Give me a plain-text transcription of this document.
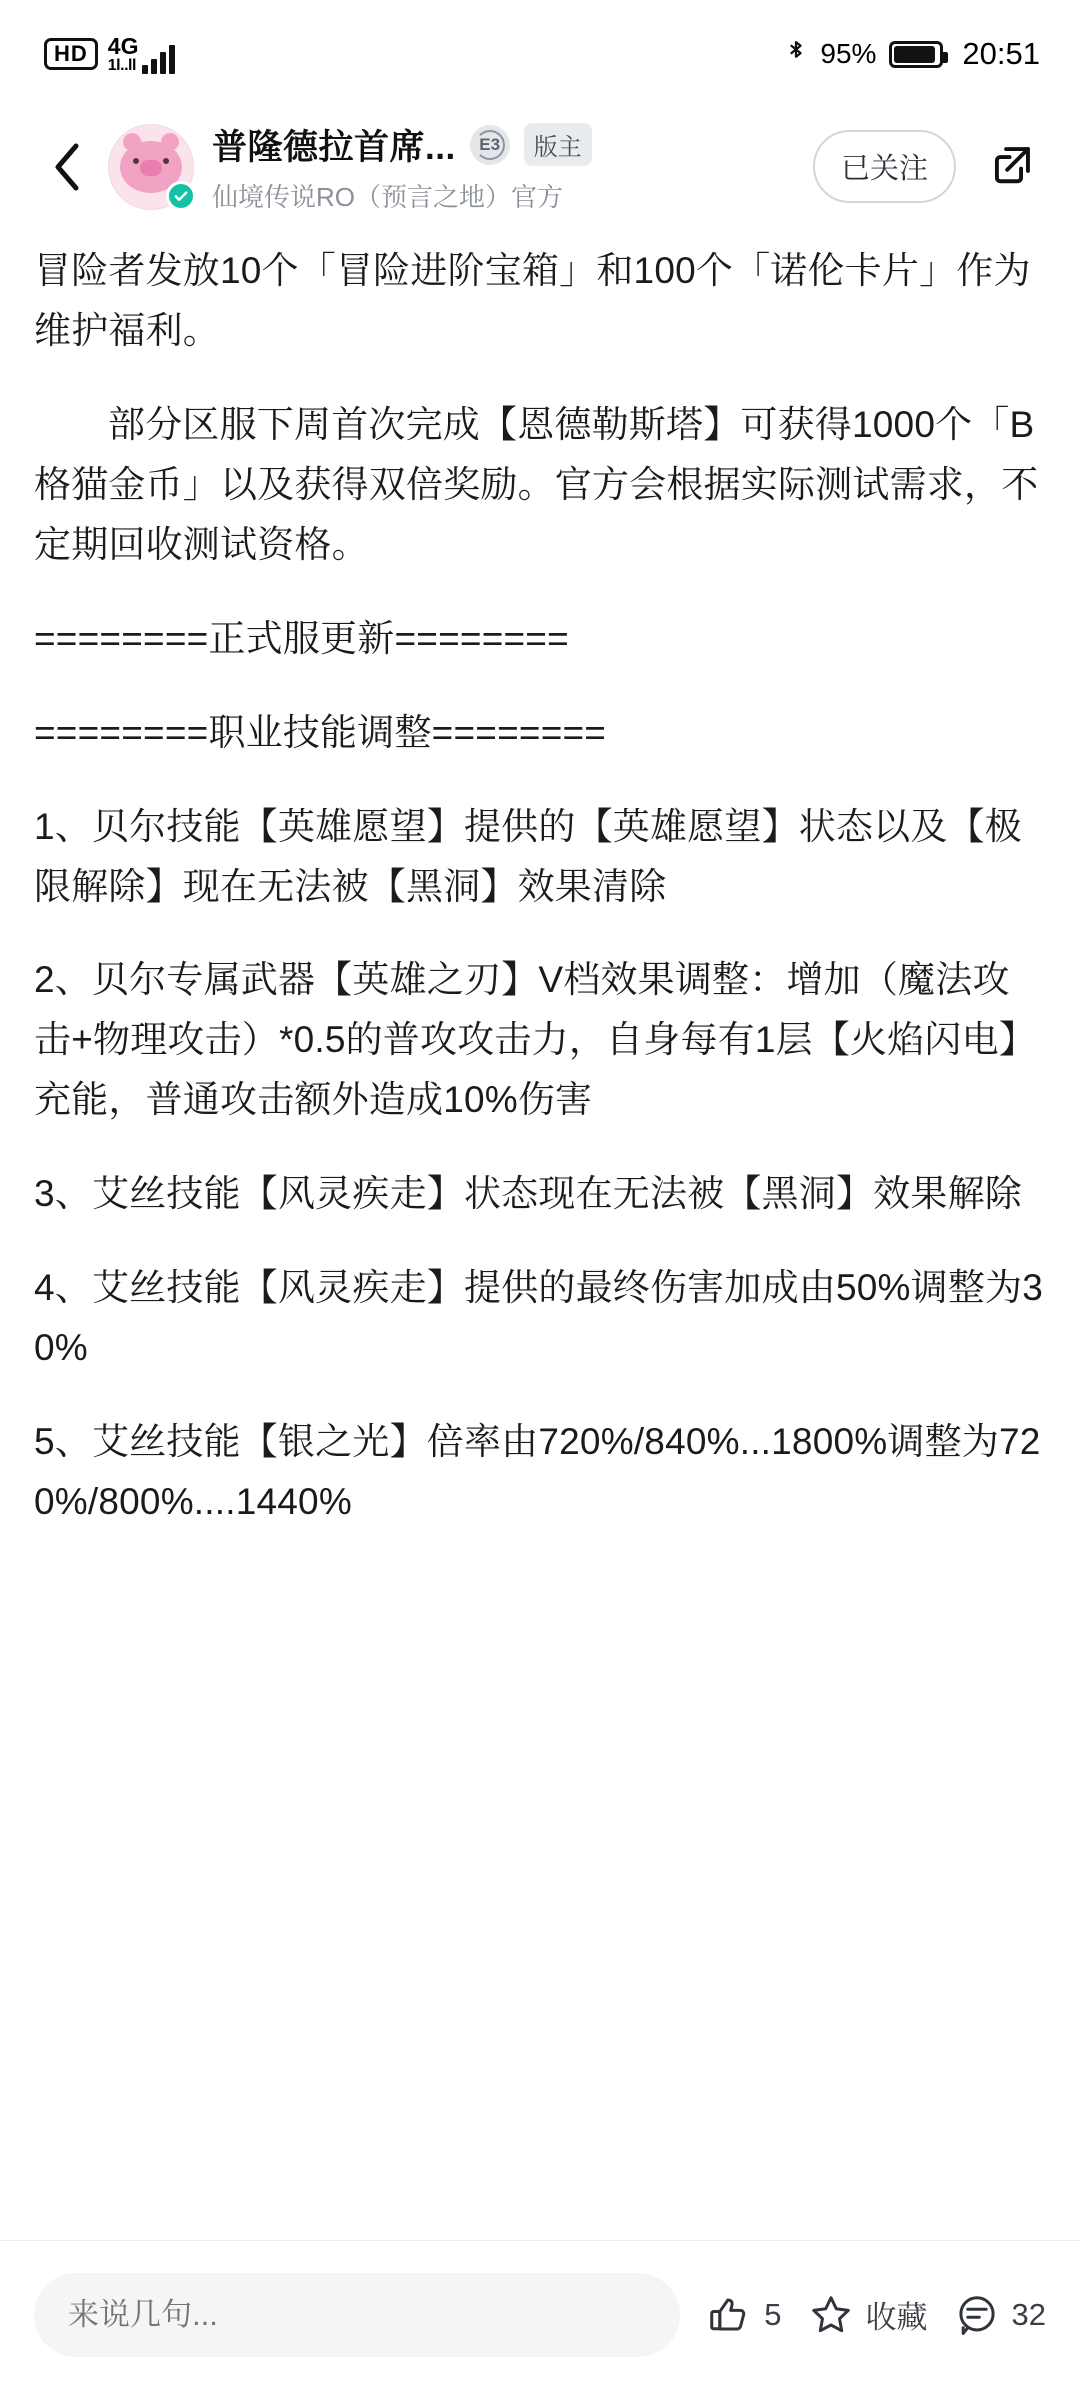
HD 4G
1l..ll	95%	20:51
普隆德拉首席...	E3	版主
仙境传说RO（预言之地）官方
已关注

冒险者发放10个「冒险进阶宝箱」和100个「诺伦卡片」作为维护福利。

部分区服下周首次完成【恩德勒斯塔】可获得1000个「B格猫金币」以及获得双倍奖励。官方会根据实际测试需求，不定期回收测试资格。

========正式服更新========

========职业技能调整========

1、贝尔技能【英雄愿望】提供的【英雄愿望】状态以及【极限解除】现在无法被【黑洞】效果清除

2、贝尔专属武器【英雄之刃】V档效果调整：增加（魔法攻击+物理攻击）*0.5的普攻攻击力，自身每有1层【火焰闪电】充能，普通攻击额外造成10%伤害

3、艾丝技能【风灵疾走】状态现在无法被【黑洞】效果解除

4、艾丝技能【风灵疾走】提供的最终伤害加成由50%调整为30%

5、艾丝技能【银之光】倍率由720%/840%...1800%调整为720%/800%....1440%

来说几句...
5	收藏	32
